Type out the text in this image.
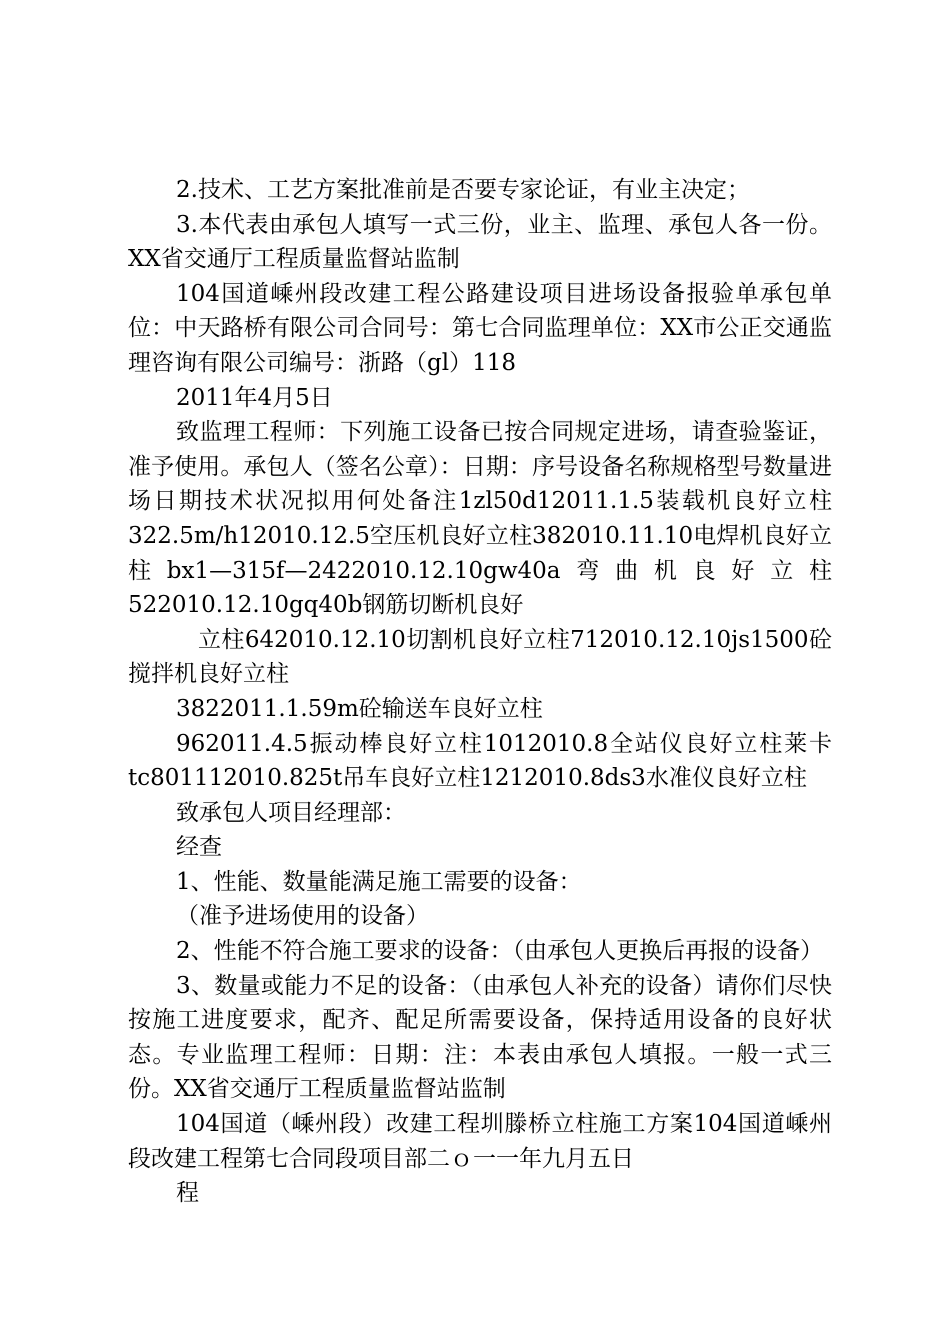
2.技术、工艺方案批准前是否要专家论证，有业主决定；

3.本代表由承包人填写一式三份，业主、监理、承包人各一份。XX省交通厅工程质量监督站监制

104国道嵊州段改建工程公路建设项目进场设备报验单承包单位：中天路桥有限公司合同号：第七合同监理单位：XX市公正交通监理咨询有限公司编号：浙路（gl）118

2011年4月5日

致监理工程师：下列施工设备已按合同规定进场，请查验鉴证，准予使用。承包人（签名公章）：日期：序号设备名称规格型号数量进场日期技术状况拟用何处备注1zl50d12011.1.5装载机良好立柱322.5m/h12010.12.5空压机良好立柱382010.11.10电焊机良好立柱bx1—315f—2422010.12.10gw40a弯曲机良好立柱522010.12.10gq40b钢筋切断机良好

立柱642010.12.10切割机良好立柱712010.12.10js1500砼搅拌机良好立柱

3822011.1.59m砼输送车良好立柱

962011.4.5振动棒良好立柱1012010.8全站仪良好立柱莱卡tc801112010.825t吊车良好立柱1212010.8ds3水准仪良好立柱

致承包人项目经理部：

经查

1、性能、数量能满足施工需要的设备：

（准予进场使用的设备）

2、性能不符合施工要求的设备：（由承包人更换后再报的设备）

3、数量或能力不足的设备：（由承包人补充的设备）请你们尽快按施工进度要求，配齐、配足所需要设备，保持适用设备的良好状态。专业监理工程师：日期：注：本表由承包人填报。一般一式三份。XX省交通厅工程质量监督站监制

104国道（嵊州段）改建工程圳滕桥立柱施工方案104国道嵊州段改建工程第七合同段项目部二ｏ一一年九月五日

程
